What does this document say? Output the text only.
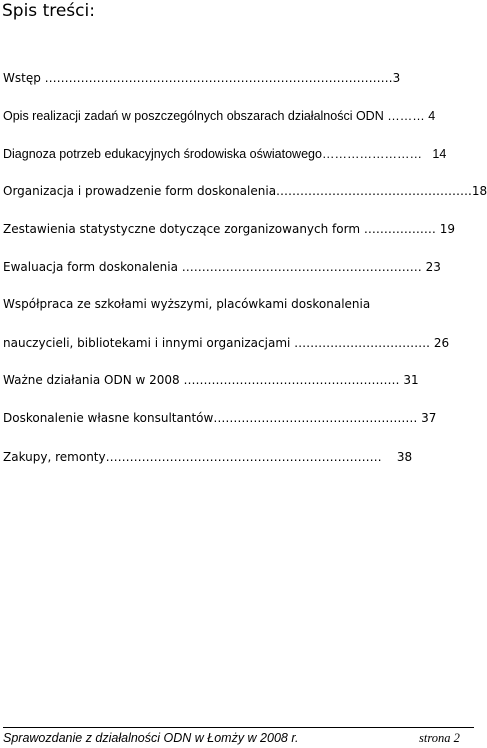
Spis treści:
Wstęp ……………………………………………………………………………3
Opis realizacji zadań w poszczególnych obszarach działalności ODN ……… 4
Diagnoza potrzeb edukacyjnych środowiska oświatowego……………………   14
Organizacja i prowadzenie form doskonalenia………………………………………….18
Zestawienia statystyczne dotyczące zorganizowanych form ……………… 19
Ewaluacja form doskonalenia …………………………………………………… 23
Współpraca ze szkołami wyższymi, placówkami doskonalenia
nauczycieli, bibliotekami i innymi organizacjami ……………………………. 26
Ważne działania ODN w 2008 ……………………………………………… 31
Doskonalenie własne konsultantów…………………………………………… 37
Zakupy, remonty……………………………………………………………    38
Sprawozdanie z działalności ODN w Łomży w 2008 r.	strona 2
